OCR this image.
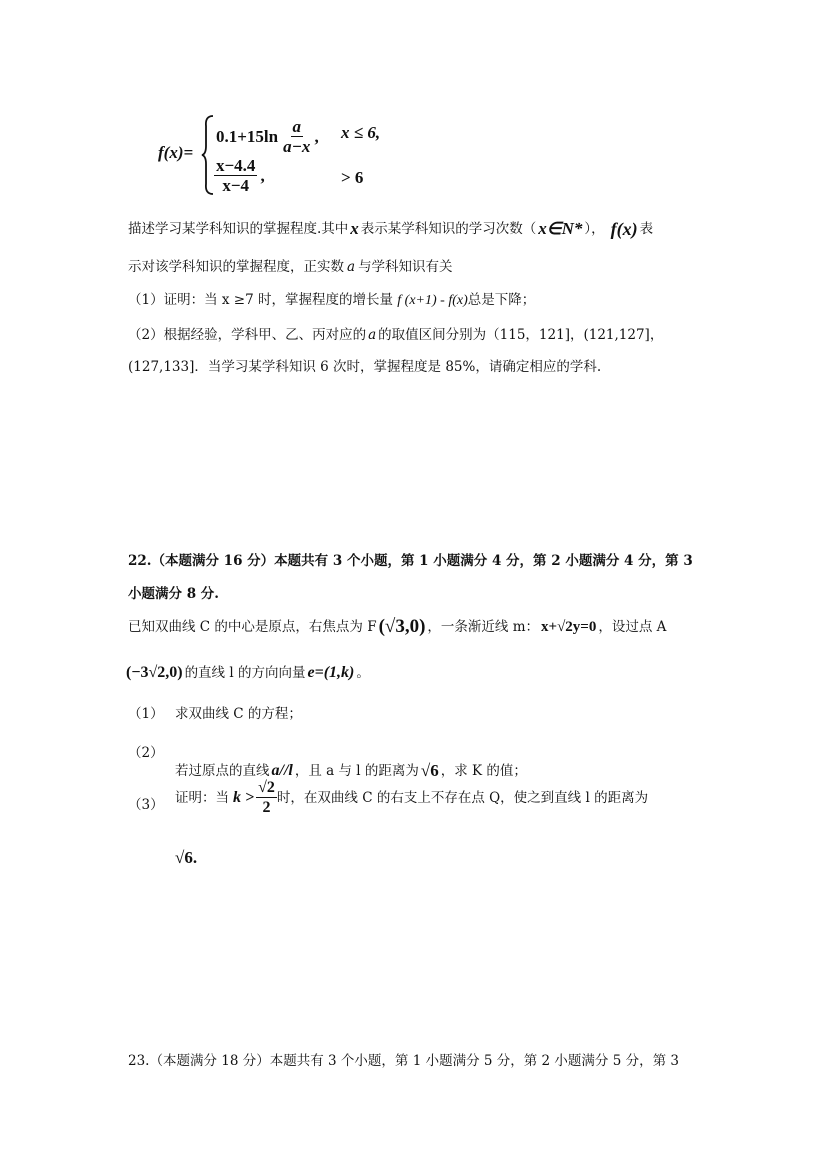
f(x)=
$0.1+15\ln \frac{a}{a-x}$ , x ≤ 6,
$\frac{x-4.4}{x-4}$ ,	> 6
描述学习某学科知识的掌握程度.其中 x 表示某学科知识的学习次数（ x∈N* ）， f(x) 表
示对该学科知识的掌握程度，正实数 a 与学科知识有关
（1）证明：当 x ≥7 时，掌握程度的增长量 f (x+1) - f(x)总是下降；
（2）根据经验，学科甲、乙、丙对应的 a 的取值区间分别为（115，121]，(121,127]，
(127,133]．当学习某学科知识 6 次时，掌握程度是 85%，请确定相应的学科.
22.（本题满分 16 分）本题共有 3 个小题，第 1 小题满分 4 分，第 2 小题满分 4 分，第 3
小题满分 8 分.
已知双曲线 C 的中心是原点，右焦点为 F (√3,0) ，一条渐近线 m： x+√2y=0 ，设过点 A
(−3√2,0) 的直线 l 的方向向量 e=(1,k) 。
（1） 求双曲线 C 的方程；
（2）
若过原点的直线 a//l ，且 a 与 l 的距离为 √6 ，求 K 的值；
（3） 证明：当 $k > \frac{√2}{2}$ 时，在双曲线 C 的右支上不存在点 Q，使之到直线 l 的距离为
√6.
23.（本题满分 18 分）本题共有 3 个小题，第 1 小题满分 5 分，第 2 小题满分 5 分，第 3
